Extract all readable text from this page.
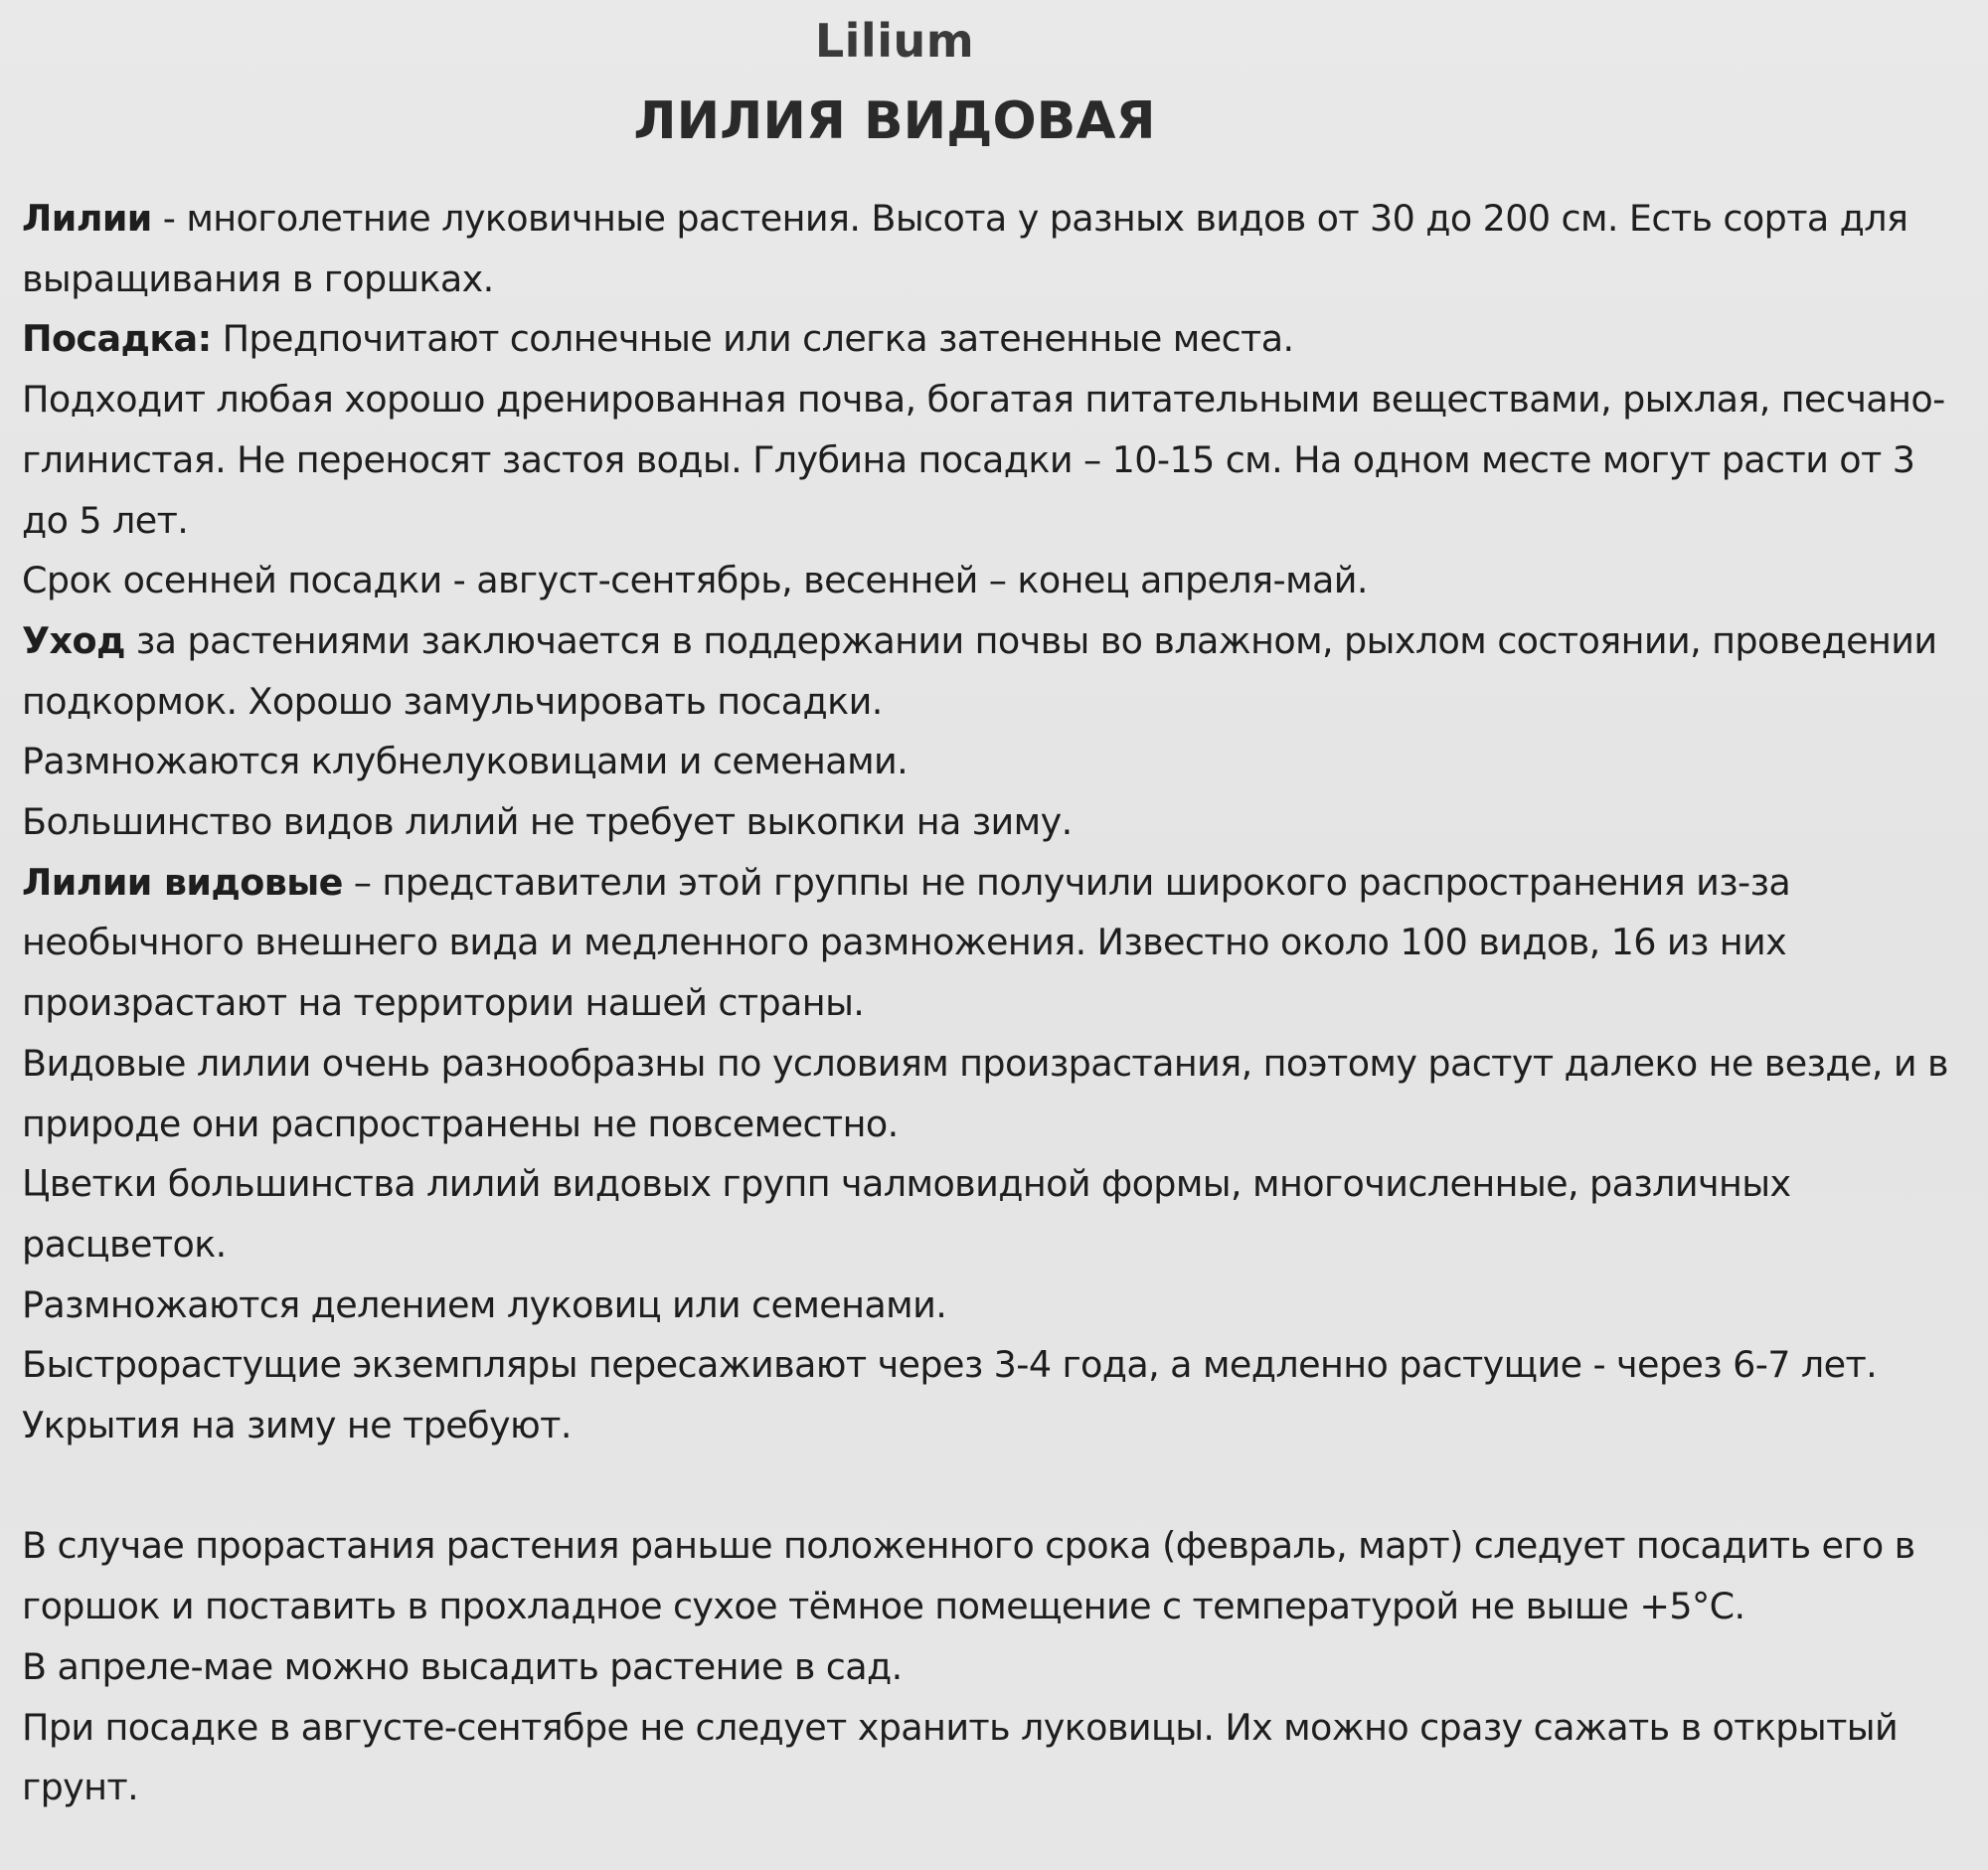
Lilium
ЛИЛИЯ ВИДОВАЯ

Лилии - многолетние луковичные растения. Высота у разных видов от 30 до 200 см. Есть сорта для выращивания в горшках.

Посадка: Предпочитают солнечные или слегка затененные места.

Подходит любая хорошо дренированная почва, богатая питательными веществами, рыхлая, песчано-глинистая. Не переносят застоя воды. Глубина посадки – 10-15 см. На одном месте могут расти от 3 до 5 лет.

Срок осенней посадки - август-сентябрь, весенней – конец апреля-май.

Уход за растениями заключается в поддержании почвы во влажном, рыхлом состоянии, проведении подкормок. Хорошо замульчировать посадки.

Размножаются клубнелуковицами и семенами.

Большинство видов лилий не требует выкопки на зиму.

Лилии видовые – представители этой группы не получили широкого распространения из-за необычного внешнего вида и медленного размножения. Известно около 100 видов, 16 из них произрастают на территории нашей страны.

Видовые лилии очень разнообразны по условиям произрастания, поэтому растут далеко не везде, и в природе они распространены не повсеместно.

Цветки большинства лилий видовых групп чалмовидной формы, многочисленные, различных расцветок.

Размножаются делением луковиц или семенами.

Быстрорастущие экземпляры пересаживают через 3-4 года, а медленно растущие - через 6-7 лет.

Укрытия на зиму не требуют.

В случае прорастания растения раньше положенного срока (февраль, март) следует посадить его в горшок и поставить в прохладное сухое тёмное помещение с температурой не выше +5°С.

В апреле-мае можно высадить растение в сад.

При посадке в августе-сентябре не следует хранить луковицы. Их можно сразу сажать в открытый грунт.
